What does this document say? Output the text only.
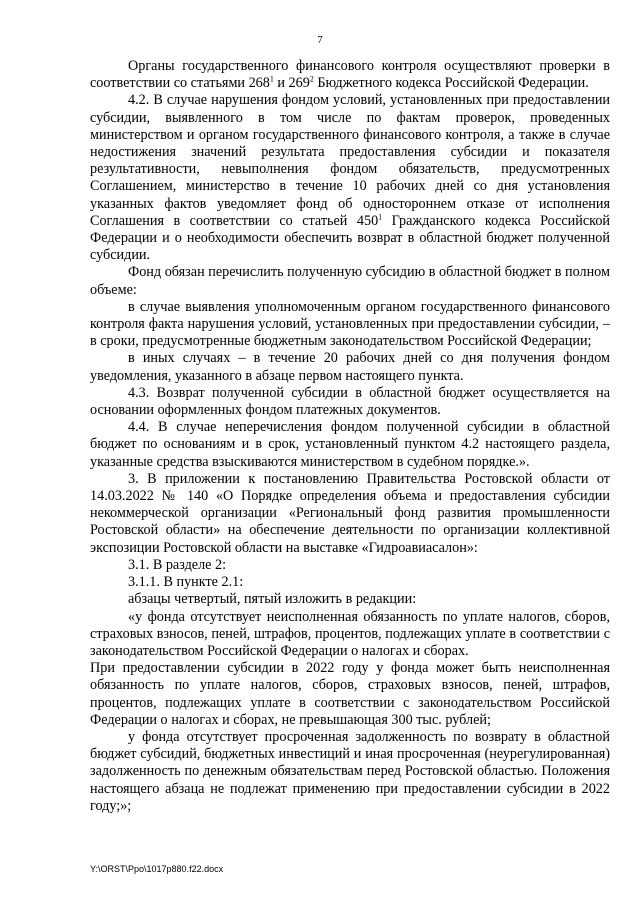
7

Органы государственного финансового контроля осуществляют проверки в соответствии со статьями $268^1$ и $269^2$ Бюджетного кодекса Российской Федерации.

4.2. В случае нарушения фондом условий, установленных при предоставлении субсидии, выявленного в том числе по фактам проверок, проведенных министерством и органом государственного финансового контроля, а также в случае недостижения значений результата предоставления субсидии и показателя результативности, невыполнения фондом обязательств, предусмотренных Соглашением, министерство в течение 10 рабочих дней со дня установления указанных фактов уведомляет фонд об одностороннем отказе от исполнения Соглашения в соответствии со статьей $450^1$ Гражданского кодекса Российской Федерации и о необходимости обеспечить возврат в областной бюджет полученной субсидии.

Фонд обязан перечислить полученную субсидию в областной бюджет в полном объеме:

в случае выявления уполномоченным органом государственного финансового контроля факта нарушения условий, установленных при предоставлении субсидии, – в сроки, предусмотренные бюджетным законодательством Российской Федерации;

в иных случаях – в течение 20 рабочих дней со дня получения фондом уведомления, указанного в абзаце первом настоящего пункта.

4.3. Возврат полученной субсидии в областной бюджет осуществляется на основании оформленных фондом платежных документов.

4.4. В случае неперечисления фондом полученной субсидии в областной бюджет по основаниям и в срок, установленный пунктом 4.2 настоящего раздела, указанные средства взыскиваются министерством в судебном порядке.».

3. В приложении к постановлению Правительства Ростовской области от 14.03.2022 № 140 «О Порядке определения объема и предоставления субсидии некоммерческой организации «Региональный фонд развития промышленности Ростовской области» на обеспечение деятельности по организации коллективной экспозиции Ростовской области на выставке «Гидроавиасалон»:

3.1. В разделе 2:

3.1.1. В пункте 2.1:

абзацы четвертый, пятый изложить в редакции:

«у фонда отсутствует неисполненная обязанность по уплате налогов, сборов, страховых взносов, пеней, штрафов, процентов, подлежащих уплате в соответствии с законодательством Российской Федерации о налогах и сборах.

При предоставлении субсидии в 2022 году у фонда может быть неисполненная обязанность по уплате налогов, сборов, страховых взносов, пеней, штрафов, процентов, подлежащих уплате в соответствии с законодательством Российской Федерации о налогах и сборах, не превышающая 300 тыс. рублей;

у фонда отсутствует просроченная задолженность по возврату в областной бюджет субсидий, бюджетных инвестиций и иная просроченная (неурегулированная) задолженность по денежным обязательствам перед Ростовской областью. Положения настоящего абзаца не подлежат применению при предоставлении субсидии в 2022 году;»;

Y:\ORST\Ppo\1017p880.f22.docx
